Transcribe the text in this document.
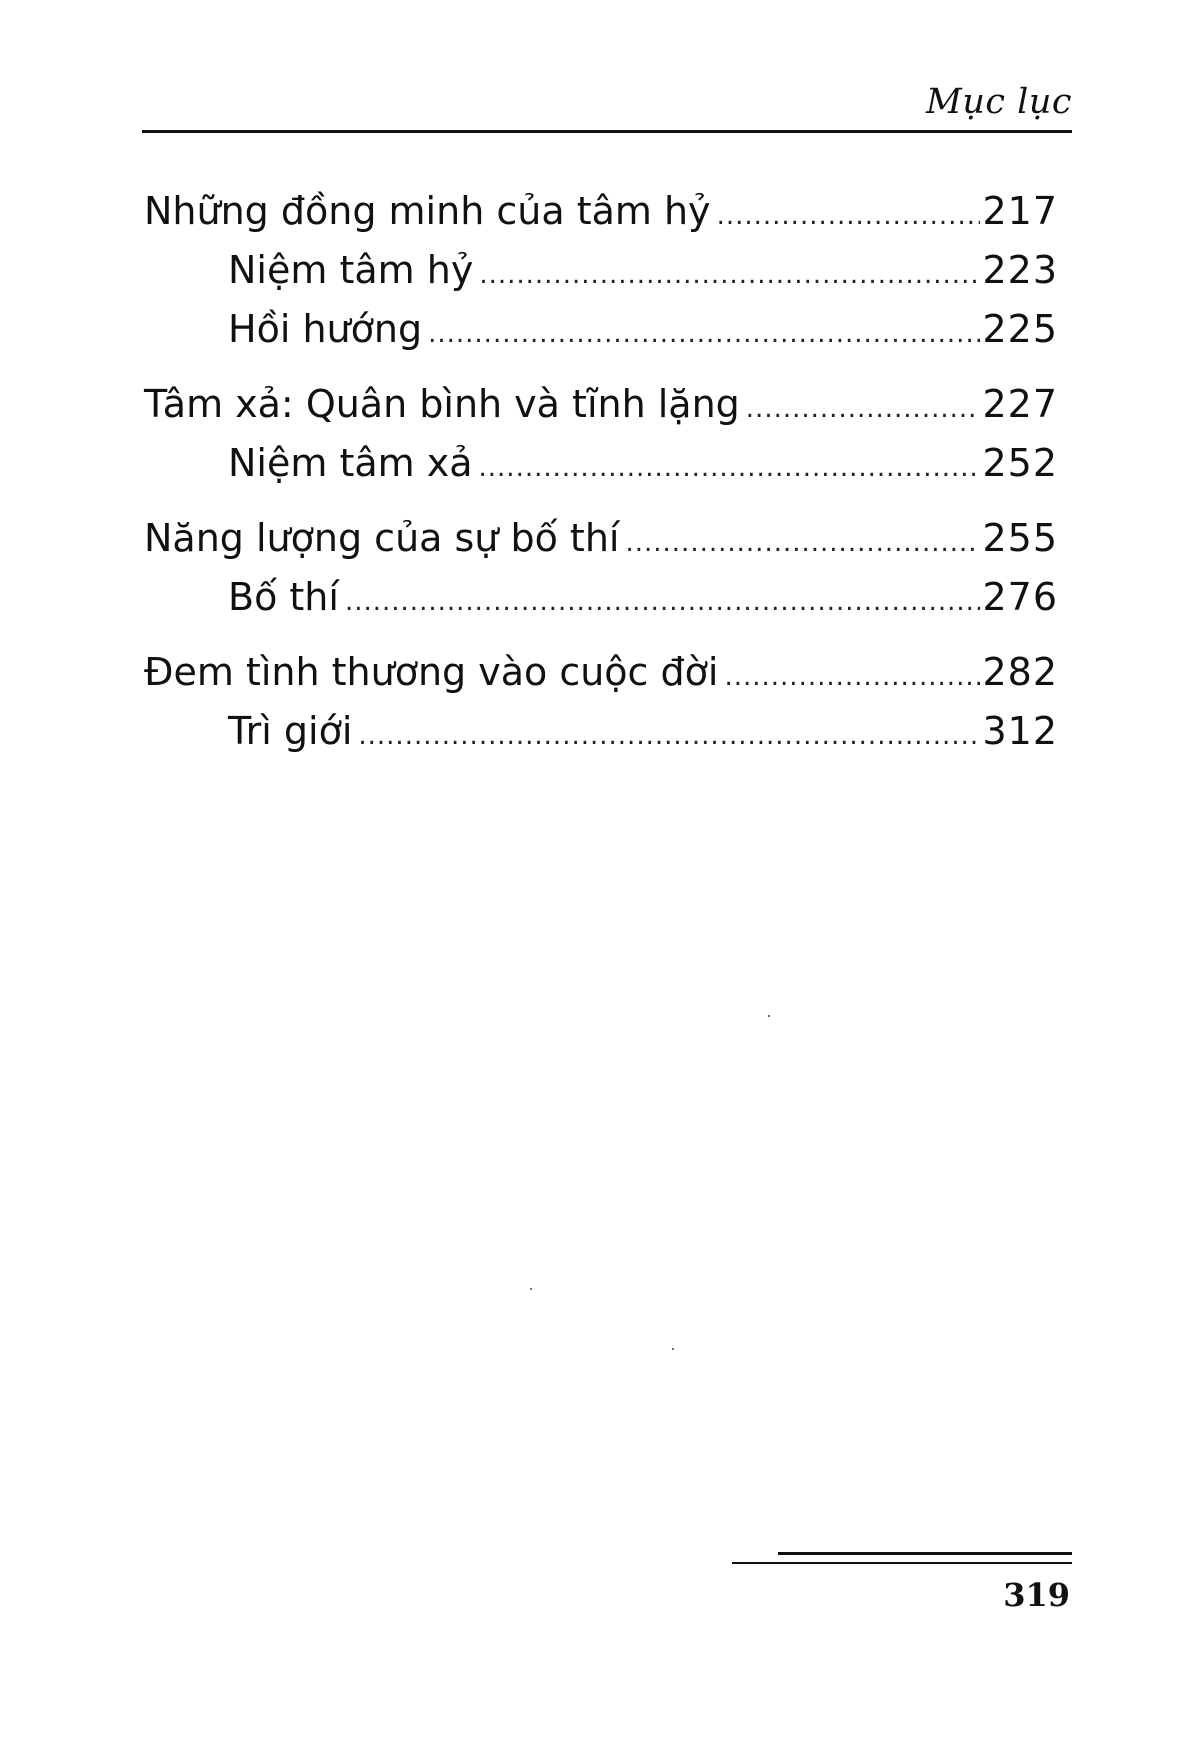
Mục lục
Những đồng minh của tâm hỷ .....	217
Niệm tâm hỷ .....	223
Hồi hướng .....	225
Tâm xả: Quân bình và tĩnh lặng .....	227
Niệm tâm xả .....	252
Năng lượng của sự bố thí .....	255
Bố thí .....	276
Đem tình thương vào cuộc đời .....	282
Trì giới .....	312
319
